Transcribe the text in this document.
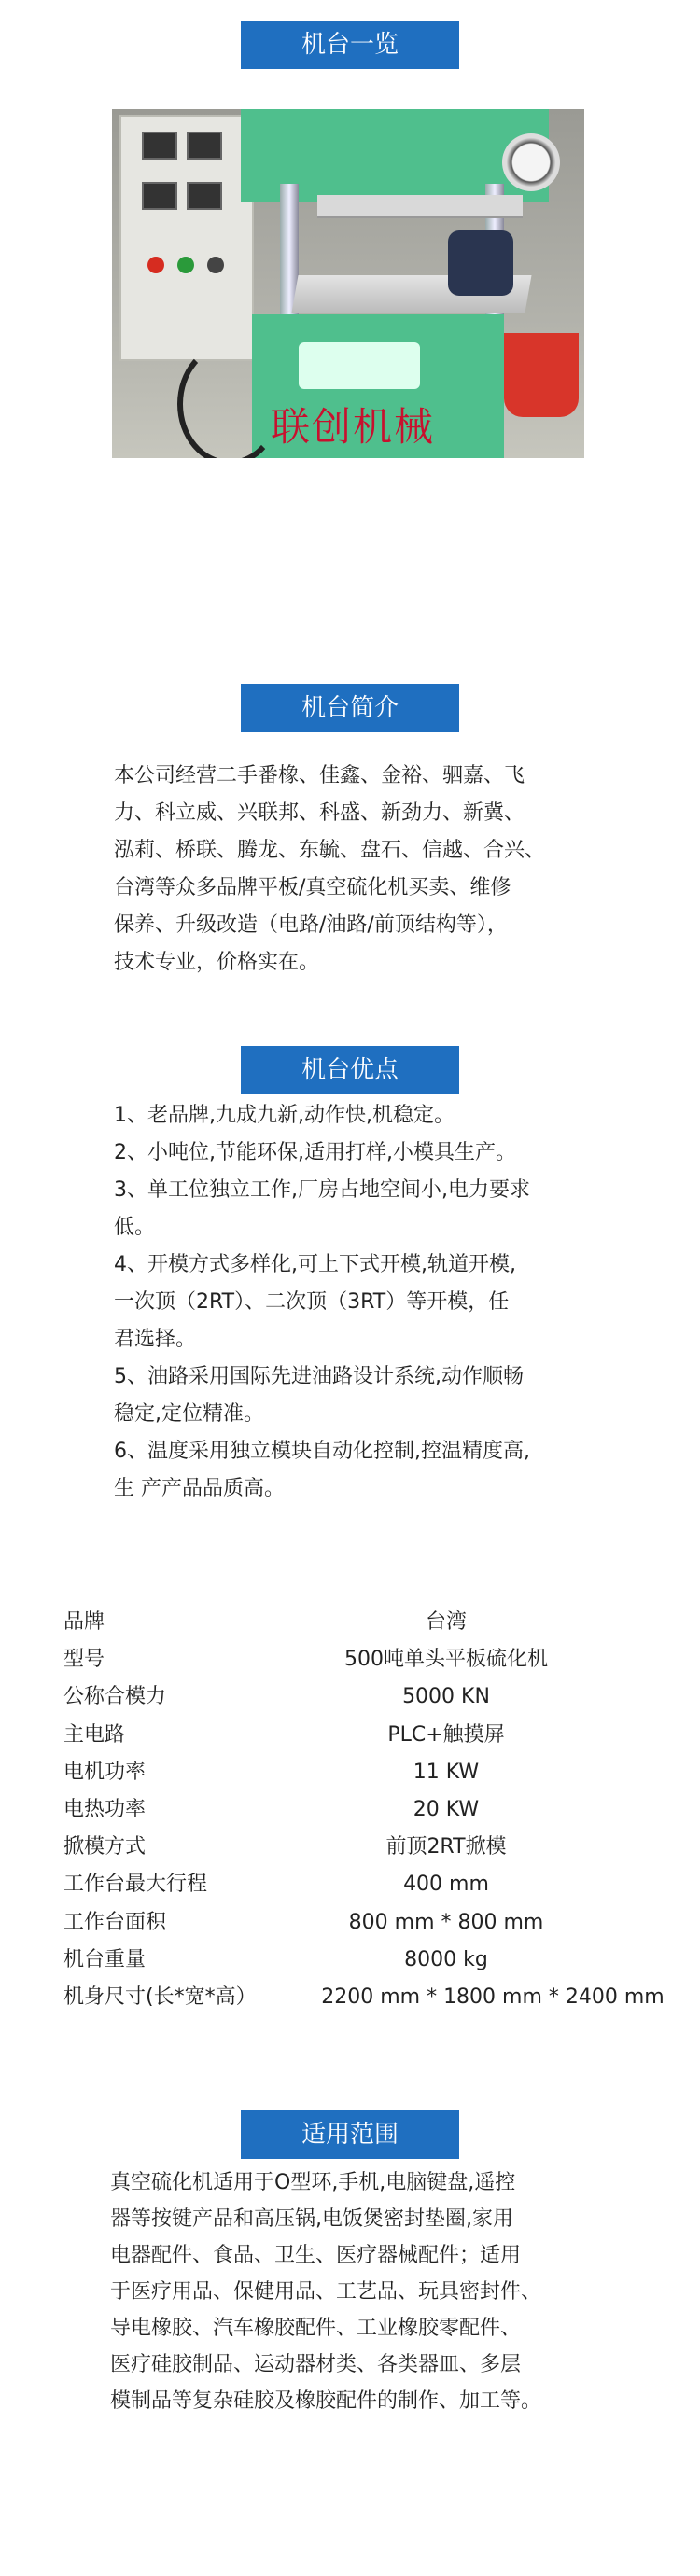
机台一览
联创机械
机台简介
本公司经营二手番橡、佳鑫、金裕、驷嘉、飞
力、科立威、兴联邦、科盛、新劲力、新冀、
泓莉、桥联、腾龙、东毓、盘石、信越、合兴、
台湾等众多品牌平板/真空硫化机买卖、维修
保养、升级改造（电路/油路/前顶结构等），
技术专业，价格实在。
机台优点
1、老品牌,九成九新,动作快,机稳定。
2、小吨位,节能环保,适用打样,小模具生产。
3、单工位独立工作,厂房占地空间小,电力要求
低。
4、开模方式多样化,可上下式开模,轨道开模,
一次顶（2RT）、二次顶（3RT）等开模，任
君选择。
5、油路采用国际先进油路设计系统,动作顺畅
稳定,定位精准。
6、温度采用独立模块自动化控制,控温精度高,
生 产产品品质高。
品牌	台湾
型号	500吨单头平板硫化机
公称合模力	5000 KN
主电路	PLC+触摸屏
电机功率	11 KW
电热功率	20 KW
掀模方式	前顶2RT掀模
工作台最大行程	400 mm
工作台面积	800 mm * 800 mm
机台重量	8000 kg
机身尺寸(长*宽*高）	2200 mm * 1800 mm * 2400 mm
适用范围
真空硫化机适用于O型环,手机,电脑键盘,遥控
器等按键产品和高压锅,电饭煲密封垫圈,家用
电器配件、食品、卫生、医疗器械配件；适用
于医疗用品、保健用品、工艺品、玩具密封件、
导电橡胶、汽车橡胶配件、工业橡胶零配件、
医疗硅胶制品、运动器材类、各类器皿、多层
模制品等复杂硅胶及橡胶配件的制作、加工等。
